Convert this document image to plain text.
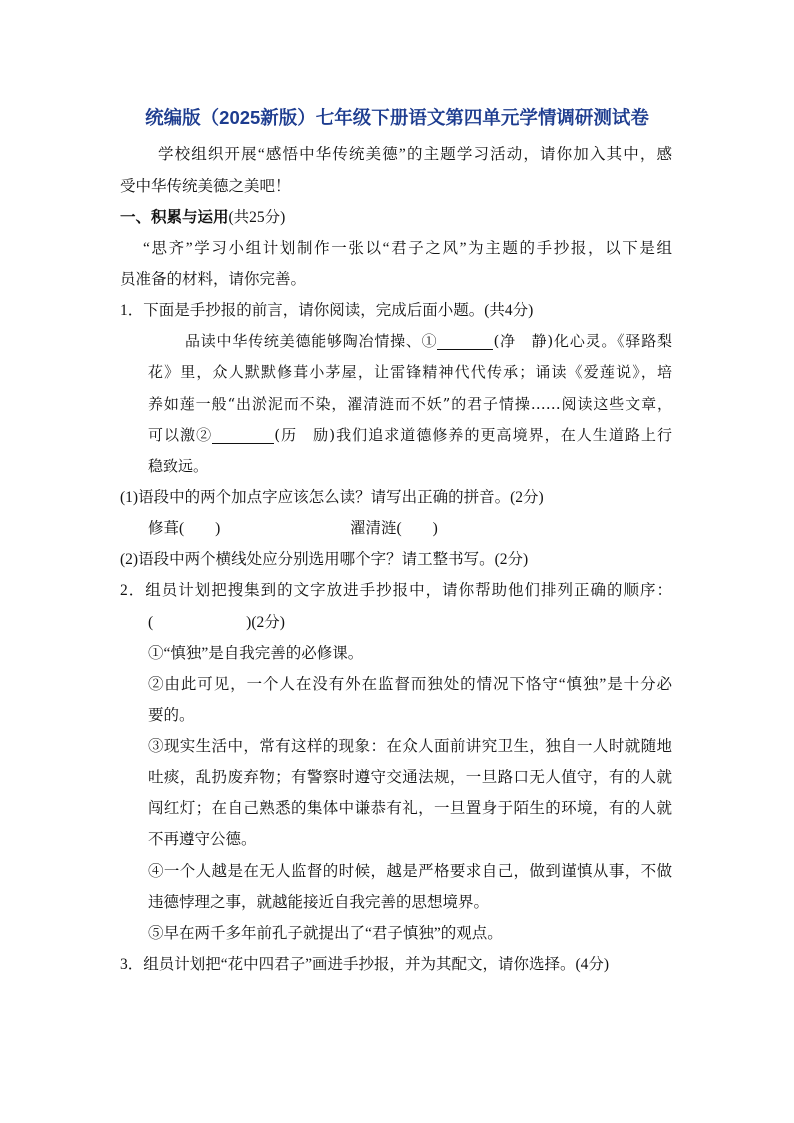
统编版（2025新版）七年级下册语文第四单元学情调研测试卷
学校组织开展“感悟中华传统美德”的主题学习活动，请你加入其中，感
受中华传统美德之美吧！
一、积累与运用(共25分)
“思齐”学习小组计划制作一张以“君子之风”为主题的手抄报，以下是组
员准备的材料，请你完善。
1．下面是手抄报的前言，请你阅读，完成后面小题。(共4分)
品读中华传统美德能够陶冶情操、①	(净　静)化心灵。《驿路梨
花》里，众人默默修葺小茅屋，让雷锋精神代代传承；诵读《爱莲说》，培
养如莲一般“出淤泥而不染，濯清涟而不妖”的君子情操……阅读这些文章，
可以激②	(历　励)我们追求道德修养的更高境界，在人生道路上行
稳致远。
(1)语段中的两个加点字应该怎么读？请写出正确的拼音。(2分)
修葺(　　)	濯清涟(　　)
(2)语段中两个横线处应分别选用哪个字？请工整书写。(2分)
2．组员计划把搜集到的文字放进手抄报中，请你帮助他们排列正确的顺序：
(　　　　　　)(2分)
①“慎独”是自我完善的必修课。
②由此可见，一个人在没有外在监督而独处的情况下恪守“慎独”是十分必
要的。
③现实生活中，常有这样的现象：在众人面前讲究卫生，独自一人时就随地
吐痰，乱扔废弃物；有警察时遵守交通法规，一旦路口无人值守，有的人就
闯红灯；在自己熟悉的集体中谦恭有礼，一旦置身于陌生的环境，有的人就
不再遵守公德。
④一个人越是在无人监督的时候，越是严格要求自己，做到谨慎从事，不做
违德悖理之事，就越能接近自我完善的思想境界。
⑤早在两千多年前孔子就提出了“君子慎独”的观点。
3．组员计划把“花中四君子”画进手抄报，并为其配文，请你选择。(4分)
